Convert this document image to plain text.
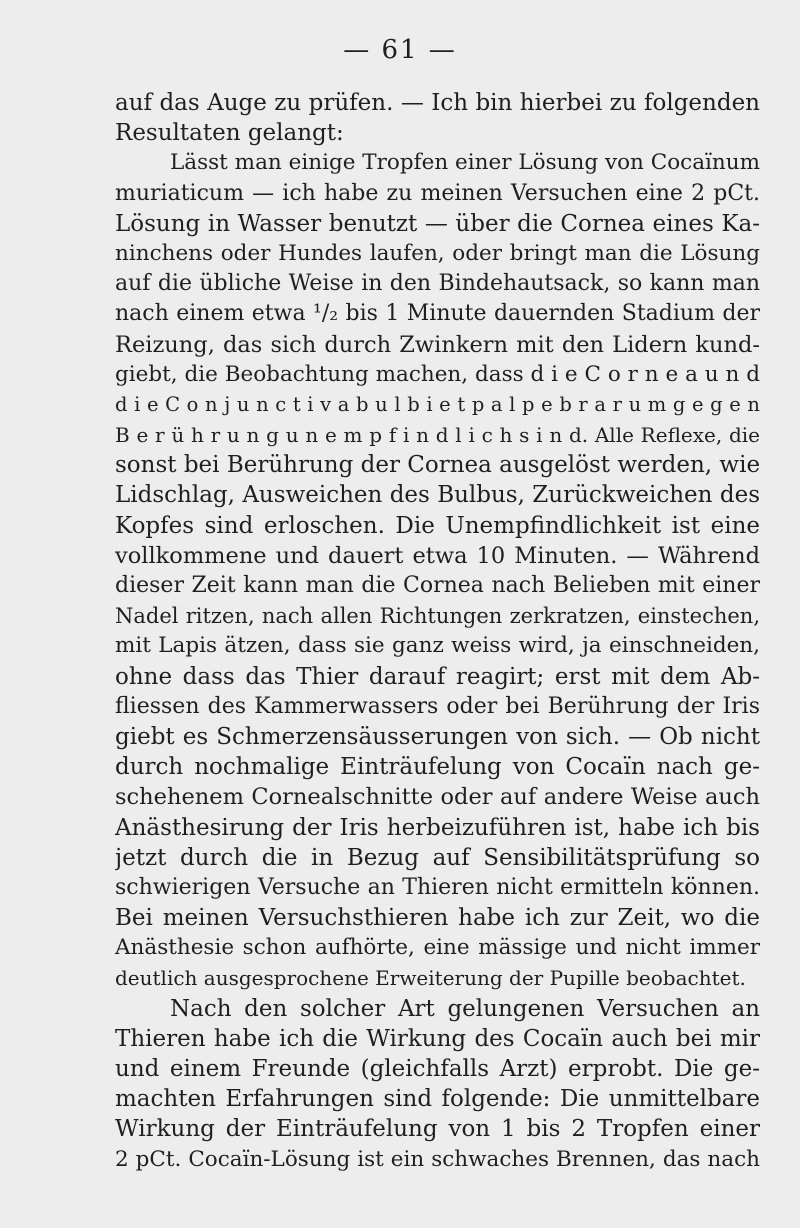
— 61 —
auf das Auge zu prüfen. — Ich bin hierbei zu folgenden
Resultaten gelangt:
Lässt man einige Tropfen einer Lösung von Cocaïnum
muriaticum — ich habe zu meinen Versuchen eine 2 pCt.
Lösung in Wasser benutzt — über die Cornea eines Ka-
ninchens oder Hundes laufen, oder bringt man die Lösung
auf die übliche Weise in den Bindehautsack, so kann man
nach einem etwa ¹/₂ bis 1 Minute dauernden Stadium der
Reizung, das sich durch Zwinkern mit den Lidern kund-
giebt, die Beobachtung machen, dass d i e C o r n e a u n d
d i e C o n j u n c t i v a b u l b i e t p a l p e b r a r u m g e g e n
B e r ü h r u n g u n e m p f i n d l i c h s i n d. Alle Reflexe, die
sonst bei Berührung der Cornea ausgelöst werden, wie
Lidschlag, Ausweichen des Bulbus, Zurückweichen des
Kopfes sind erloschen. Die Unempfindlichkeit ist eine
vollkommene und dauert etwa 10 Minuten. — Während
dieser Zeit kann man die Cornea nach Belieben mit einer
Nadel ritzen, nach allen Richtungen zerkratzen, einstechen,
mit Lapis ätzen, dass sie ganz weiss wird, ja einschneiden,
ohne dass das Thier darauf reagirt; erst mit dem Ab-
fliessen des Kammerwassers oder bei Berührung der Iris
giebt es Schmerzensäusserungen von sich. — Ob nicht
durch nochmalige Einträufelung von Cocaïn nach ge-
schehenem Cornealschnitte oder auf andere Weise auch
Anästhesirung der Iris herbeizuführen ist, habe ich bis
jetzt durch die in Bezug auf Sensibilitätsprüfung so
schwierigen Versuche an Thieren nicht ermitteln können.
Bei meinen Versuchsthieren habe ich zur Zeit, wo die
Anästhesie schon aufhörte, eine mässige und nicht immer
deutlich ausgesprochene Erweiterung der Pupille beobachtet.
Nach den solcher Art gelungenen Versuchen an
Thieren habe ich die Wirkung des Cocaïn auch bei mir
und einem Freunde (gleichfalls Arzt) erprobt. Die ge-
machten Erfahrungen sind folgende: Die unmittelbare
Wirkung der Einträufelung von 1 bis 2 Tropfen einer
2 pCt. Cocaïn-Lösung ist ein schwaches Brennen, das nach
